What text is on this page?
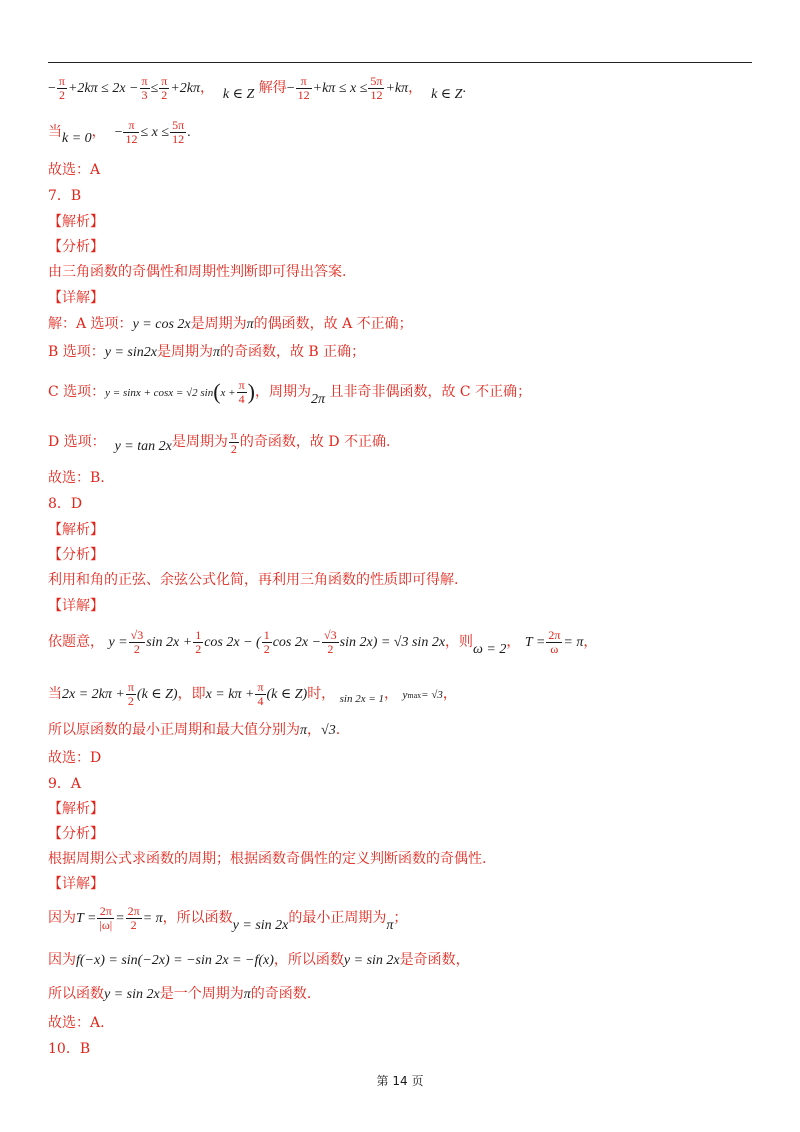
− $\frac{\pi}{2} +2k\pi \le 2x - \frac{\pi}{3} \le \frac{\pi}{2} +2k\pi$， k ∈ Z 解得− $\frac{\pi}{12} +k\pi \le x \le \frac{5\pi}{12} +k\pi$， k ∈ Z.
当k = 0， − $\frac{\pi}{12} \le x \le \frac{5\pi}{12}$ .
故选：A
7．B
【解析】
【分析】
由三角函数的奇偶性和周期性判断即可得出答案.
【详解】
解：A 选项：y = cos 2x是周期为π的偶函数，故 A 不正确；
B 选项：y = sin2x是周期为π的奇函数，故 B 正确；
C 选项：y = sinx + cosx = √2 $\sin(x + \frac{\pi}{4}$ )，周期为2π 且非奇非偶函数，故 C 不正确；
D 选项： y = tan 2x是周期为 $\frac{\pi}{2}$ 的奇函数，故 D 不正确.
故选：B.
8．D
【解析】
【分析】
利用和角的正弦、余弦公式化简，再利用三角函数的性质即可得解.
【详解】
依题意， $y = \frac{√3}{2}$ $\sin 2x + \frac{1}{2}$ cos 2x − ( $\frac{1}{2}$ $\cos 2x - \frac{√3}{2}$ sin 2x) = √3 sin 2x，则ω = 2， $T = \frac{2\pi}{\omega} = \pi$，
当$2x = 2k\pi + \frac{\pi}{2} (k$ ∈ Z)，即$x = k\pi + \frac{\pi}{4} (k$ ∈ Z)时， $_{sin 2x = 1}$， ymax= √3，
所以原函数的最小正周期和最大值分别为π，√3.
故选：D
9．A
【解析】
【分析】
根据周期公式求函数的周期；根据函数奇偶性的定义判断函数的奇偶性.
【详解】
因为$T = \frac{2\pi}{|\omega|} = \frac{2\pi}{2} = \pi$，所以函数y = sin 2x的最小正周期为π；
因为f(−x) = sin(−2x) = −sin 2x = −f(x)，所以函数y = sin 2x是奇函数，
所以函数y = sin 2x是一个周期为π的奇函数.
故选：A.
10．B
第 14 页
